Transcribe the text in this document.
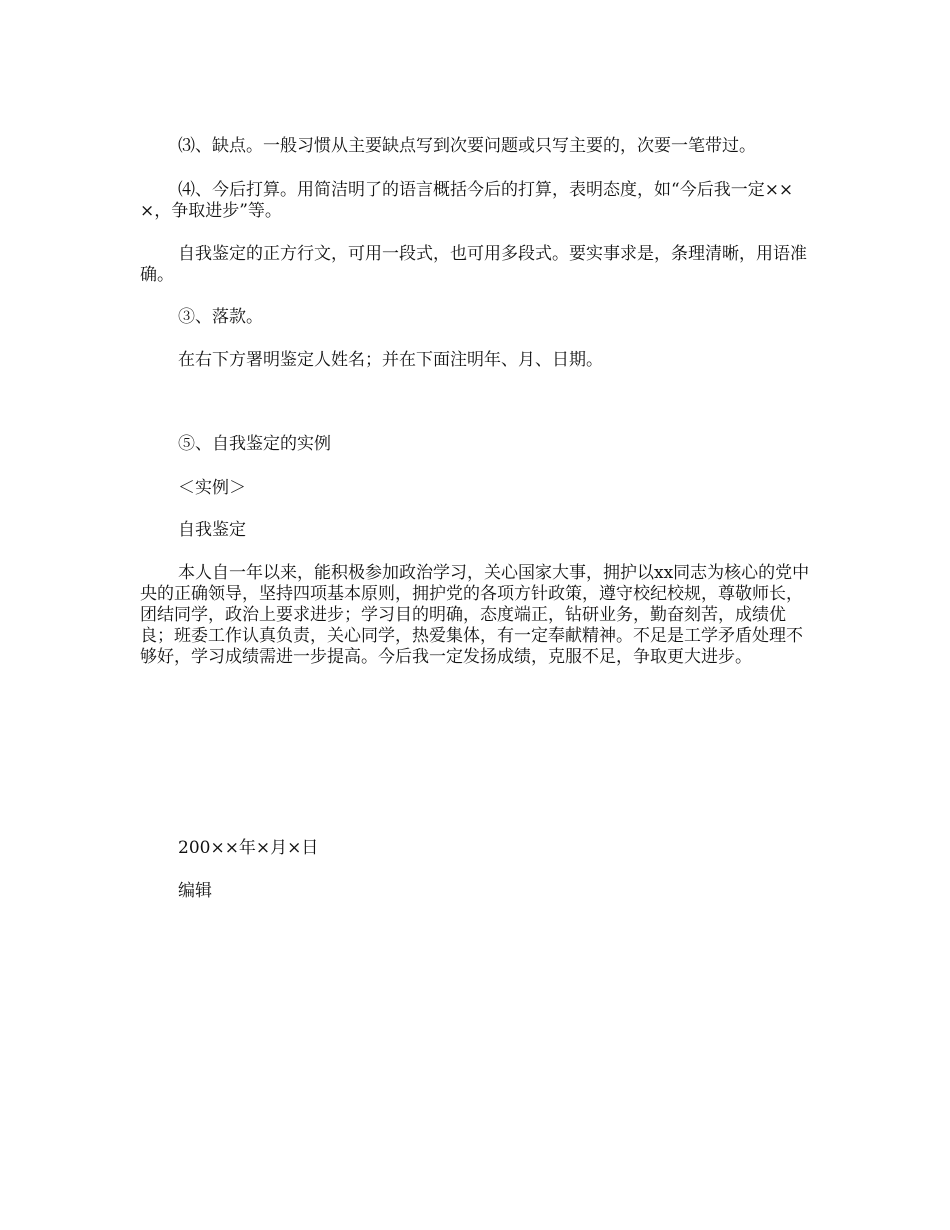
⑶、缺点。一般习惯从主要缺点写到次要问题或只写主要的，次要一笔带过。

⑷、今后打算。用简洁明了的语言概括今后的打算，表明态度，如“今后我一定×××，争取进步”等。

自我鉴定的正方行文，可用一段式，也可用多段式。要实事求是，条理清晰，用语准确。

③、落款。

在右下方署明鉴定人姓名；并在下面注明年、月、日期。

⑤、自我鉴定的实例

＜实例＞

自我鉴定

本人自一年以来，能积极参加政治学习，关心国家大事，拥护以xx同志为核心的党中央的正确领导，坚持四项基本原则，拥护党的各项方针政策，遵守校纪校规，尊敬师长，团结同学，政治上要求进步；学习目的明确，态度端正，钻研业务，勤奋刻苦，成绩优良；班委工作认真负责，关心同学，热爱集体，有一定奉献精神。不足是工学矛盾处理不够好，学习成绩需进一步提高。今后我一定发扬成绩，克服不足，争取更大进步。

200××年×月×日

编辑
